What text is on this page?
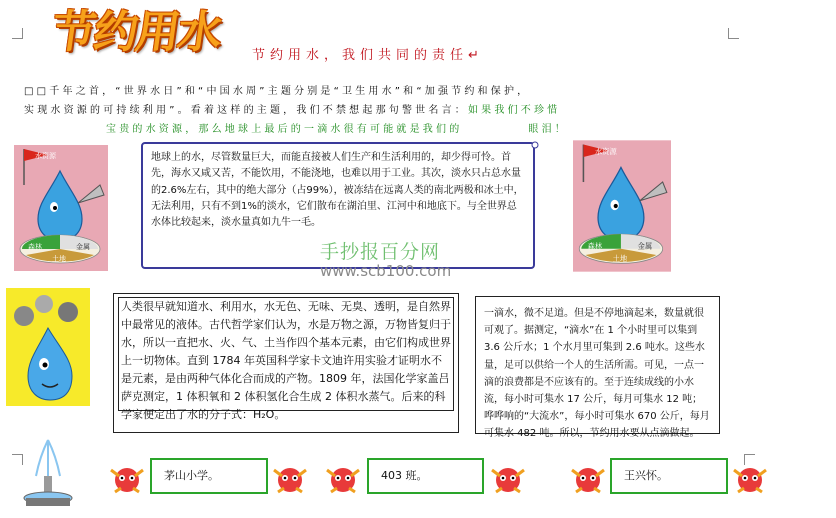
节约用水	节约用水，我们共同的责任↵
□□千年之首，“世界水日”和“中国水周”主题分别是“卫生用水”和“加强节约和保护，
实现水资源的可持续利用”。看着这样的主题，我们不禁想起那句警世名言：如果我们不珍惜
宝贵的水资源，那么地球上最后的一滴水很有可能就是我们的	眼泪！
水资源
森林	金属
土地
水资源
森林	金属
土地
地球上的水，尽管数量巨大，而能直接被人们生产和生活利用的，却少得可怜。首先，海水又咸又苦，不能饮用，不能浇地，也难以用于工业。其次，淡水只占总水量的2.6%左右，其中的绝大部分（占99%），被冻结在远离人类的南北两极和冰土中，无法利用，只有不到1%的淡水，它们散布在湖泊里、江河中和地底下。与全世界总水体比较起来，淡水量真如九牛一毛。
手抄报百分网
www.scb100.com
人类很早就知道水、利用水，水无色、无味、无臭、透明，是自然界中最常见的液体。古代哲学家们认为，水是万物之源，万物皆复归于水，所以一直把水、火、气、土当作四个基本元素，由它们构成世界上一切物体。直到 1784 年英国科学家卡文迪许用实验才证明水不是元素，是由两种气体化合而成的产物。1809 年，法国化学家盖吕萨克测定，1 体积氧和 2 体积氢化合生成 2 体积水蒸气。后来的科学家便定出了水的分子式：H₂O。
一滴水，微不足道。但是不停地滴起来，数量就很可观了。据测定，“滴水”在 1 个小时里可以集到 3.6 公斤水；1 个水月里可集到 2.6 吨水。这些水量，足可以供给一个人的生活所需。可见，一点一滴的浪费都是不应该有的。至于连续成线的小水流，每小时可集水 17 公斤，每月可集水 12 吨；哗哗响的“大流水”，每小时可集水 670 公斤，每月可集水 482 吨。所以，节约用水要从点滴做起。
茅山小学。	403 班。	王兴怀。
